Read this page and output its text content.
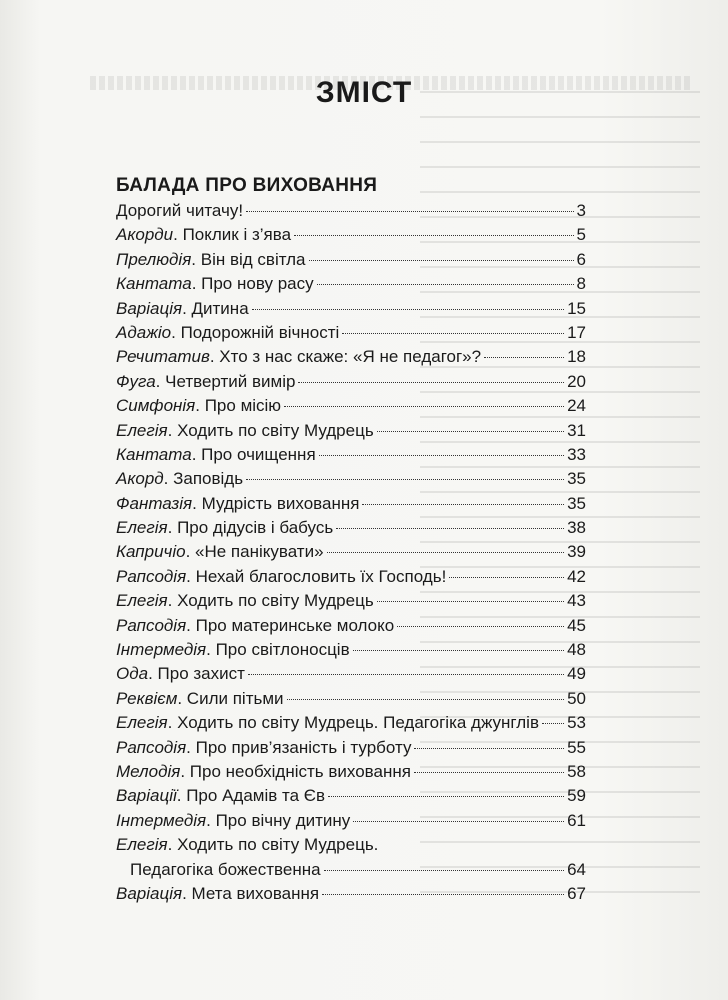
ЗМІСТ
БАЛАДА ПРО ВИХОВАННЯ
Дорогий читачу!	3
Акорди. Поклик і з’ява	5
Прелюдія. Він від світла	6
Кантата. Про нову расу	8
Варіація. Дитина	15
Адажіо. Подорожній вічності	17
Речитатив. Хто з нас скаже: «Я не педагог»?	18
Фуга. Четвертий вимір	20
Симфонія. Про місію	24
Елегія. Ходить по світу Мудрець	31
Кантата. Про очищення	33
Акорд. Заповідь	35
Фантазія. Мудрість виховання	35
Елегія. Про дідусів і бабусь	38
Капричіо. «Не панікувати»	39
Рапсодія. Нехай благословить їх Господь!	42
Елегія. Ходить по світу Мудрець	43
Рапсодія. Про материнське молоко	45
Інтермедія. Про світлоносців	48
Ода. Про захист	49
Реквієм. Сили пітьми	50
Елегія. Ходить по світу Мудрець. Педагогіка джунглів 53
Рапсодія. Про прив’язаність і турботу	55
Мелодія. Про необхідність виховання	58
Варіації. Про Адамів та Єв	59
Інтермедія. Про вічну дитину	61
Елегія. Ходить по світу Мудрець.
Педагогіка божественна	64
Варіація. Мета виховання	67
